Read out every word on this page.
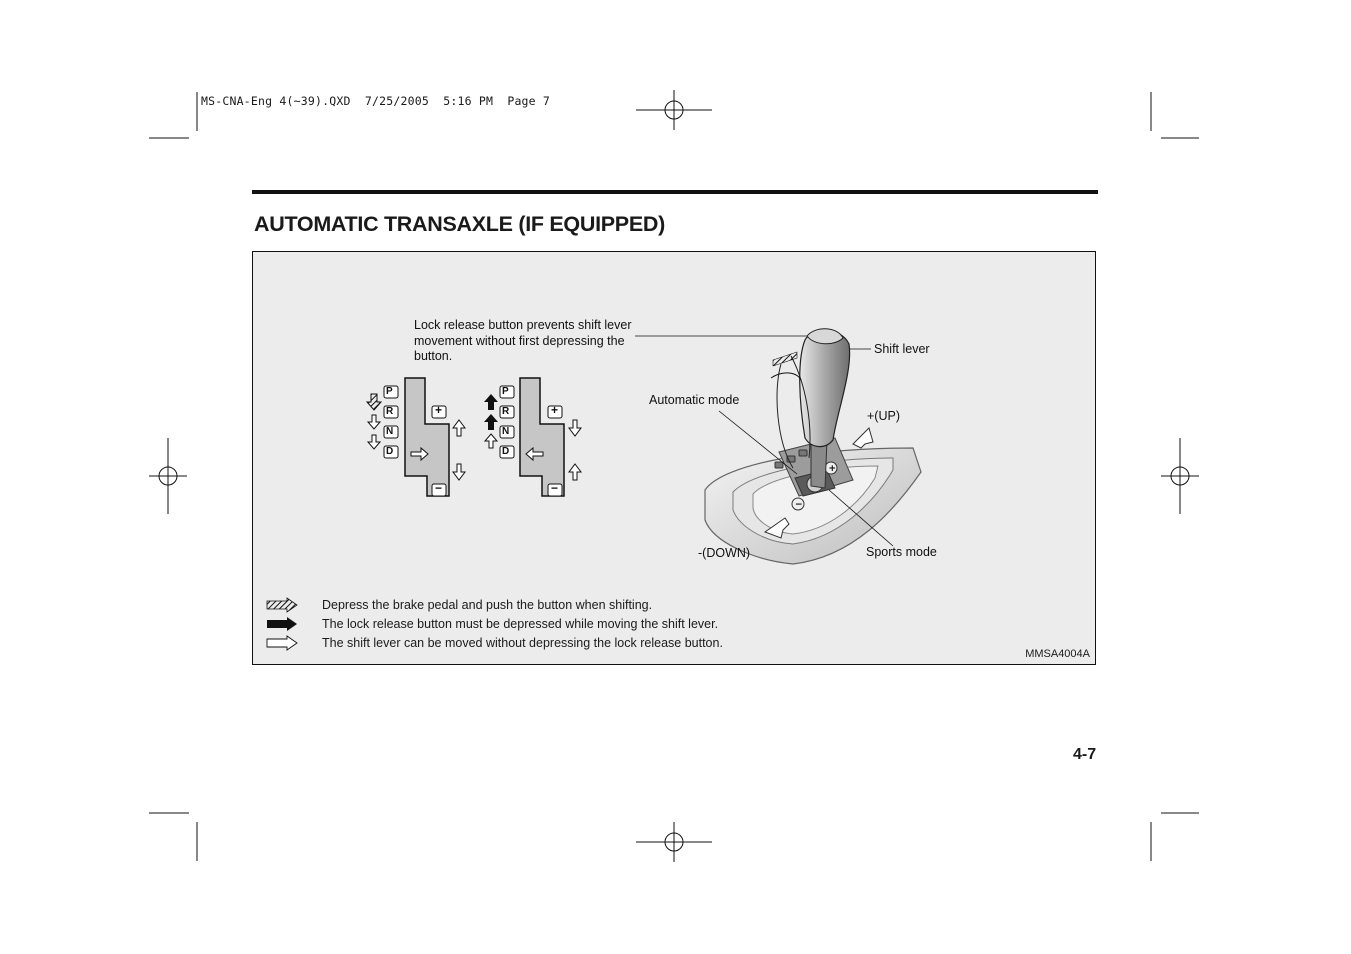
MS-CNA-Eng 4(~39).QXD  7/25/2005  5:16 PM  Page 7
AUTOMATIC TRANSAXLE (IF EQUIPPED)
+
−
P
R
N
D
+
−
P
R
N
D
+
−
Lock release button prevents shift lever movement without first depressing the button.	Shift lever
Automatic mode
+(UP)
-(DOWN)	Sports mode
Depress the brake pedal and push the button when shifting.
The lock release button must be depressed while moving the shift lever.
The shift lever can be moved without depressing the lock release button.
MMSA4004A
4-7
